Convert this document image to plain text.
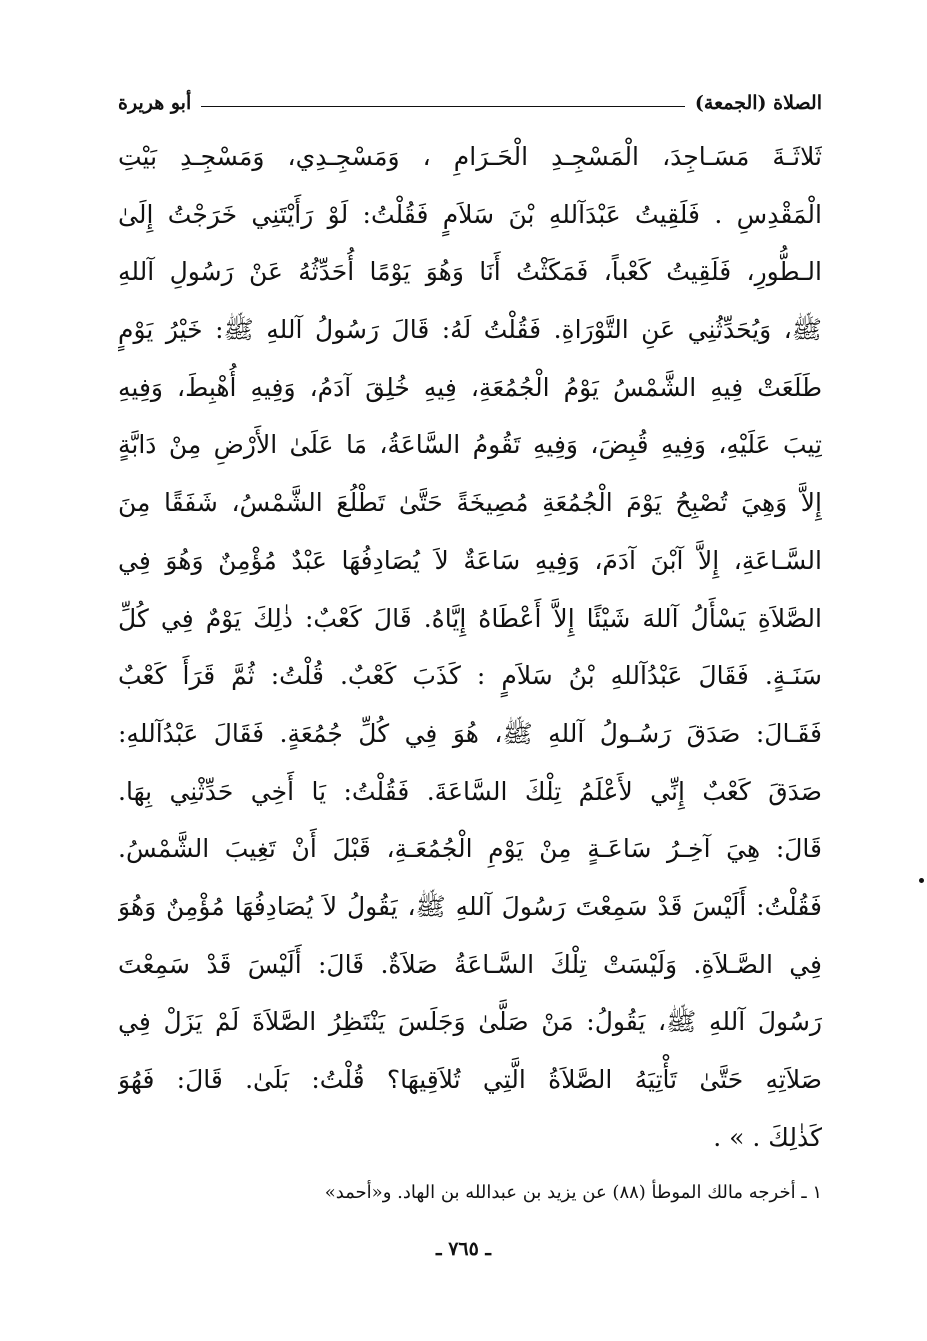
الصلاة (الجمعة)
أبو هريرة
ثَلاثَـةَ مَسَـاجِدَ، الْمَسْجِـدِ الْحَـرَامِ ، وَمَسْجِـدِي، وَمَسْجِـدِ بَيْتِ
الْمَقْدِسِ . فَلَقِيتُ عَبْدَآللهِ بْنَ سَلاَمٍ فَقُلْتُ: لَوْ رَأَيْتَنِي خَرَجْتُ إِلَىٰ
الـطُّورِ، فَلَقِيتُ كَعْباً، فَمَكَثْتُ أَنَا وَهُوَ يَوْمًا أُحَدِّثُهُ عَنْ رَسُولِ آللهِ
ﷺ، وَيُحَدِّثُنِي عَنِ التَّوْرَاةِ. فَقُلْتُ لَهُ: قَالَ رَسُولُ آللهِ ﷺ: خَيْرُ يَوْمٍ
طَلَعَتْ فِيهِ الشَّمْسُ يَوْمُ الْجُمُعَةِ، فِيهِ خُلِقَ آدَمُ، وَفِيهِ أُهْبِطَ، وَفِيهِ
تِيبَ عَلَيْهِ، وَفِيهِ قُبِضَ، وَفِيهِ تَقُومُ السَّاعَةُ، مَا عَلَىٰ الأَرْضِ مِنْ دَابَّةٍ
إِلاَّ وَهِيَ تُصْبِحُ يَوْمَ الْجُمُعَةِ مُصِيخَةً حَتَّىٰ تَطْلُعَ الشَّمْسُ، شَفَقًا مِنَ
السَّـاعَةِ، إِلاَّ آبْنَ آدَمَ، وَفِيهِ سَاعَةٌ لاَ يُصَادِفُهَا عَبْدٌ مُؤْمِنٌ وَهُوَ فِي
الصَّلاَةِ يَسْأَلُ آللهَ شَيْئًا إِلاَّ أَعْطَاهُ إِيَّاهُ. قَالَ كَعْبٌ: ذٰلِكَ يَوْمٌ فِي كُلِّ
سَنَـةٍ. فَقَالَ عَبْدُآللهِ بْنُ سَلاَمٍ : كَذَبَ كَعْبٌ. قُلْتُ: ثُمَّ قَرَأَ كَعْبٌ
فَقَـالَ: صَدَقَ رَسُـولُ آللهِ ﷺ، هُوَ فِي كُلِّ جُمُعَةٍ. فَقَالَ عَبْدُآللهِ:
صَدَقَ كَعْبٌ إِنِّي لأَعْلَمُ تِلْكَ السَّاعَةَ. فَقُلْتُ: يَا أَخِي حَدِّثْنِي بِهَا.
قَالَ: هِيَ آخِـرُ سَاعَـةٍ مِنْ يَوْمِ الْجُمُعَـةِ، قَبْلَ أَنْ تَغِيبَ الشَّمْسُ.
فَقُلْتُ: أَلَيْسَ قَدْ سَمِعْتَ رَسُولَ آللهِ ﷺ، يَقُولُ لاَ يُصَادِفُهَا مُؤْمِنٌ وَهُوَ
فِي الصَّـلاَةِ. وَلَيْسَتْ تِلْكَ السَّـاعَةُ صَلاَةٌ. قَالَ: أَلَيْسَ قَدْ سَمِعْتَ
رَسُولَ آللهِ ﷺ، يَقُولُ: مَنْ صَلَّىٰ وَجَلَسَ يَنْتَظِرُ الصَّلاَةَ لَمْ يَزَلْ فِي
صَلاَتِهِ حَتَّىٰ تَأْتِيَهُ الصَّلاَةُ الَّتِي تُلاَقِيهَا؟ قُلْتُ: بَلَىٰ. قَالَ: فَهُوَ
كَذٰلِكَ . » .
١ ـ أخرجه مالك الموطأ (٨٨) عن يزيد بن عبدالله بن الهاد. و«أحمد»
ـ ٧٦٥ ـ
